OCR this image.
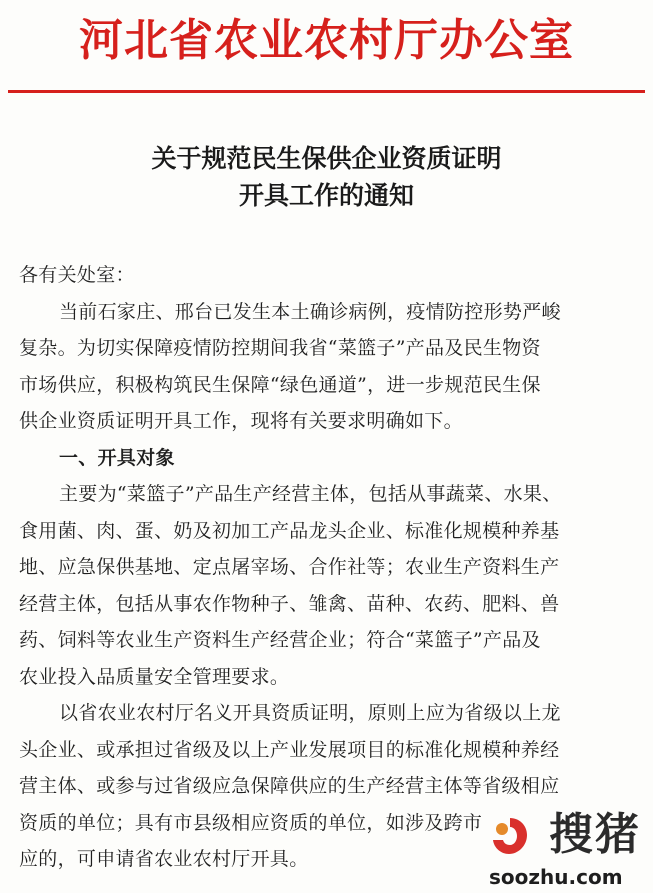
河北省农业农村厅办公室
关于规范民生保供企业资质证明
开具工作的通知
各有关处室：
当前石家庄、邢台已发生本土确诊病例，疫情防控形势严峻
复杂。为切实保障疫情防控期间我省“菜篮子”产品及民生物资
市场供应，积极构筑民生保障“绿色通道”，进一步规范民生保
供企业资质证明开具工作，现将有关要求明确如下。
一、开具对象
主要为“菜篮子”产品生产经营主体，包括从事蔬菜、水果、
食用菌、肉、蛋、奶及初加工产品龙头企业、标准化规模种养基
地、应急保供基地、定点屠宰场、合作社等；农业生产资料生产
经营主体，包括从事农作物种子、雏禽、苗种、农药、肥料、兽
药、饲料等农业生产资料生产经营企业；符合“菜篮子”产品及
农业投入品质量安全管理要求。
以省农业农村厅名义开具资质证明，原则上应为省级以上龙
头企业、或承担过省级及以上产业发展项目的标准化规模种养经
营主体、或参与过省级应急保障供应的生产经营主体等省级相应
资质的单位；具有市县级相应资质的单位，如涉及跨市
应的，可申请省农业农村厅开具。	搜猪
soozhu.com
